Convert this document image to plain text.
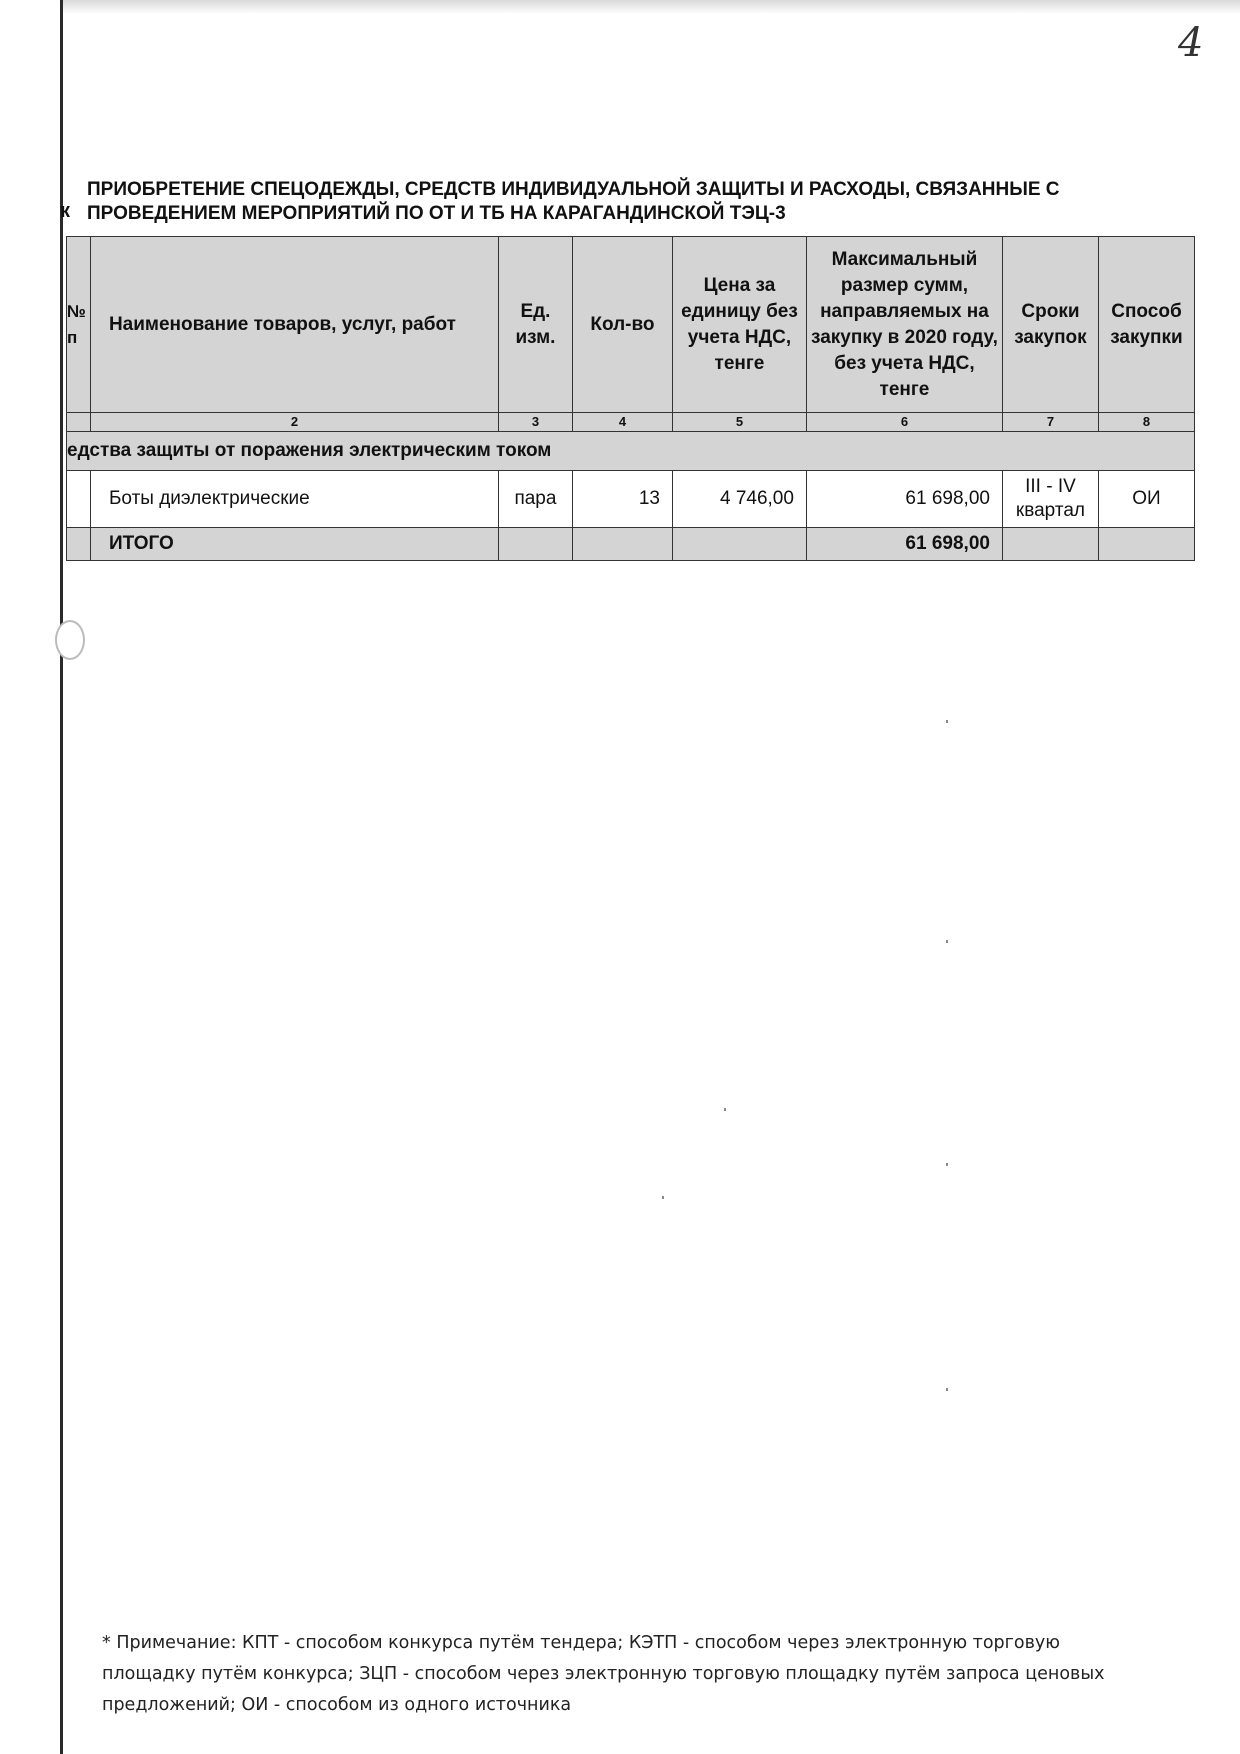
4
к
ПРИОБРЕТЕНИЕ СПЕЦОДЕЖДЫ, СРЕДСТВ ИНДИВИДУАЛЬНОЙ ЗАЩИТЫ И РАСХОДЫ, СВЯЗАННЫЕ С ПРОВЕДЕНИЕМ МЕРОПРИЯТИЙ ПО ОТ И ТБ НА КАРАГАНДИНСКОЙ ТЭЦ-3
№ п	Наименование товаров, услуг, работ	Ед. изм.	Кол-во	Цена за единицу без учета НДС, тенге	Максимальный размер сумм, направляемых на закупку в 2020 году, без учета НДС, тенге	Сроки закупок	Способ закупки
	2	3	4	5	6	7	8
едства защиты от поражения электрическим током							
	Боты диэлектрические	пара	13	4 746,00	61 698,00	III - IV квартал	ОИ
	ИТОГО				61 698,00		
* Примечание: КПТ - способом конкурса путём тендера; КЭТП - способом через электронную торговую площадку путём конкурса; ЗЦП - способом через электронную торговую площадку путём запроса ценовых предложений; ОИ - способом из одного источника
